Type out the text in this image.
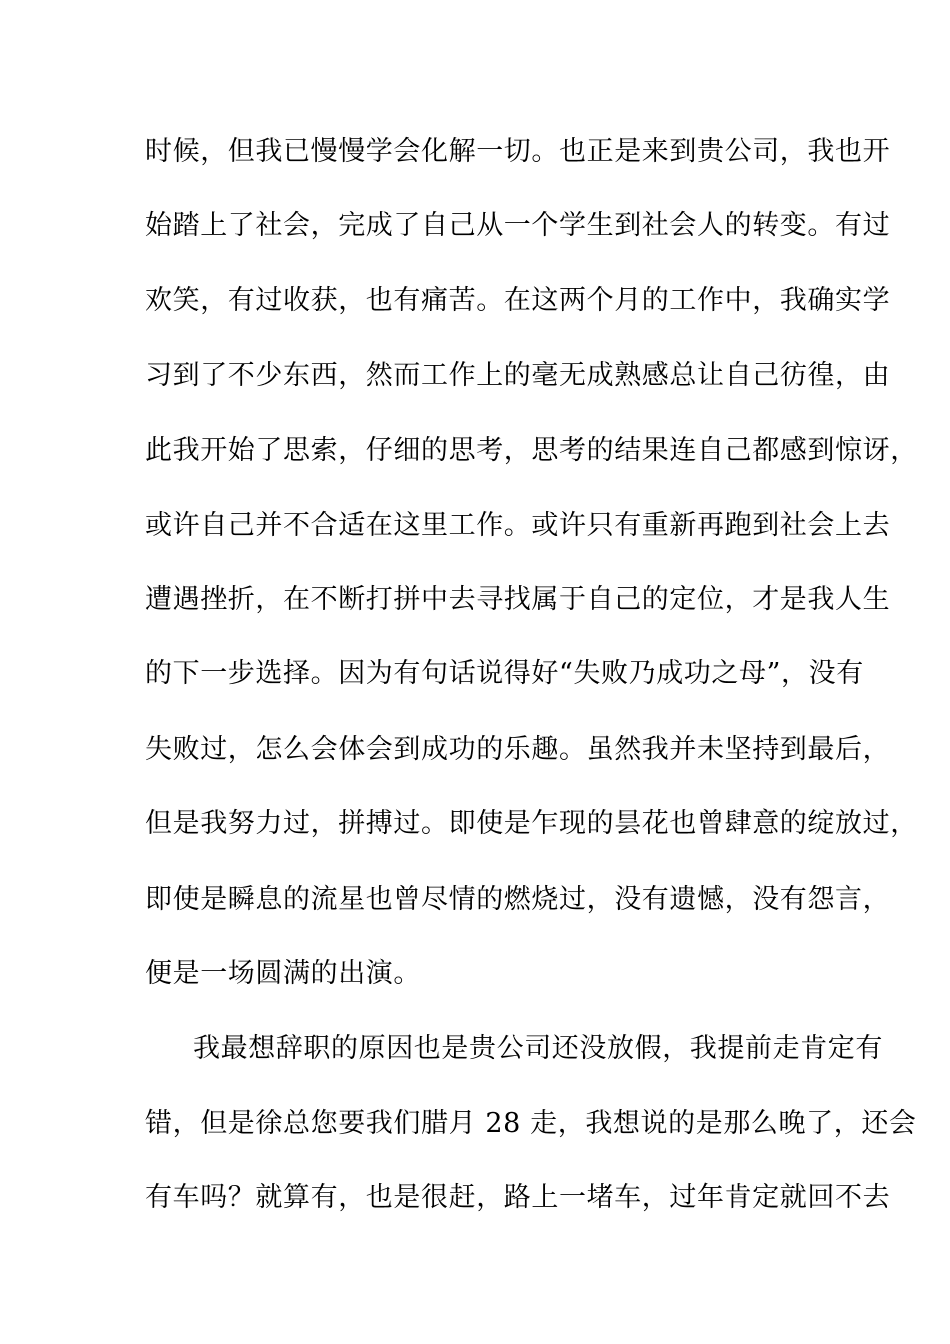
时候，但我已慢慢学会化解一切。也正是来到贵公司，我也开
始踏上了社会，完成了自己从一个学生到社会人的转变。有过
欢笑，有过收获，也有痛苦。在这两个月的工作中，我确实学
习到了不少东西，然而工作上的毫无成熟感总让自己彷徨，由
此我开始了思索，仔细的思考，思考的结果连自己都感到惊讶，
或许自己并不合适在这里工作。或许只有重新再跑到社会上去
遭遇挫折，在不断打拼中去寻找属于自己的定位，才是我人生
的下一步选择。因为有句话说得好“失败乃成功之母”，没有
失败过，怎么会体会到成功的乐趣。虽然我并未坚持到最后，
但是我努力过，拼搏过。即使是乍现的昙花也曾肆意的绽放过，
即使是瞬息的流星也曾尽情的燃烧过，没有遗憾，没有怨言，
便是一场圆满的出演。
我最想辞职的原因也是贵公司还没放假，我提前走肯定有
错，但是徐总您要我们腊月 28 走，我想说的是那么晚了，还会
有车吗？就算有，也是很赶，路上一堵车，过年肯定就回不去
